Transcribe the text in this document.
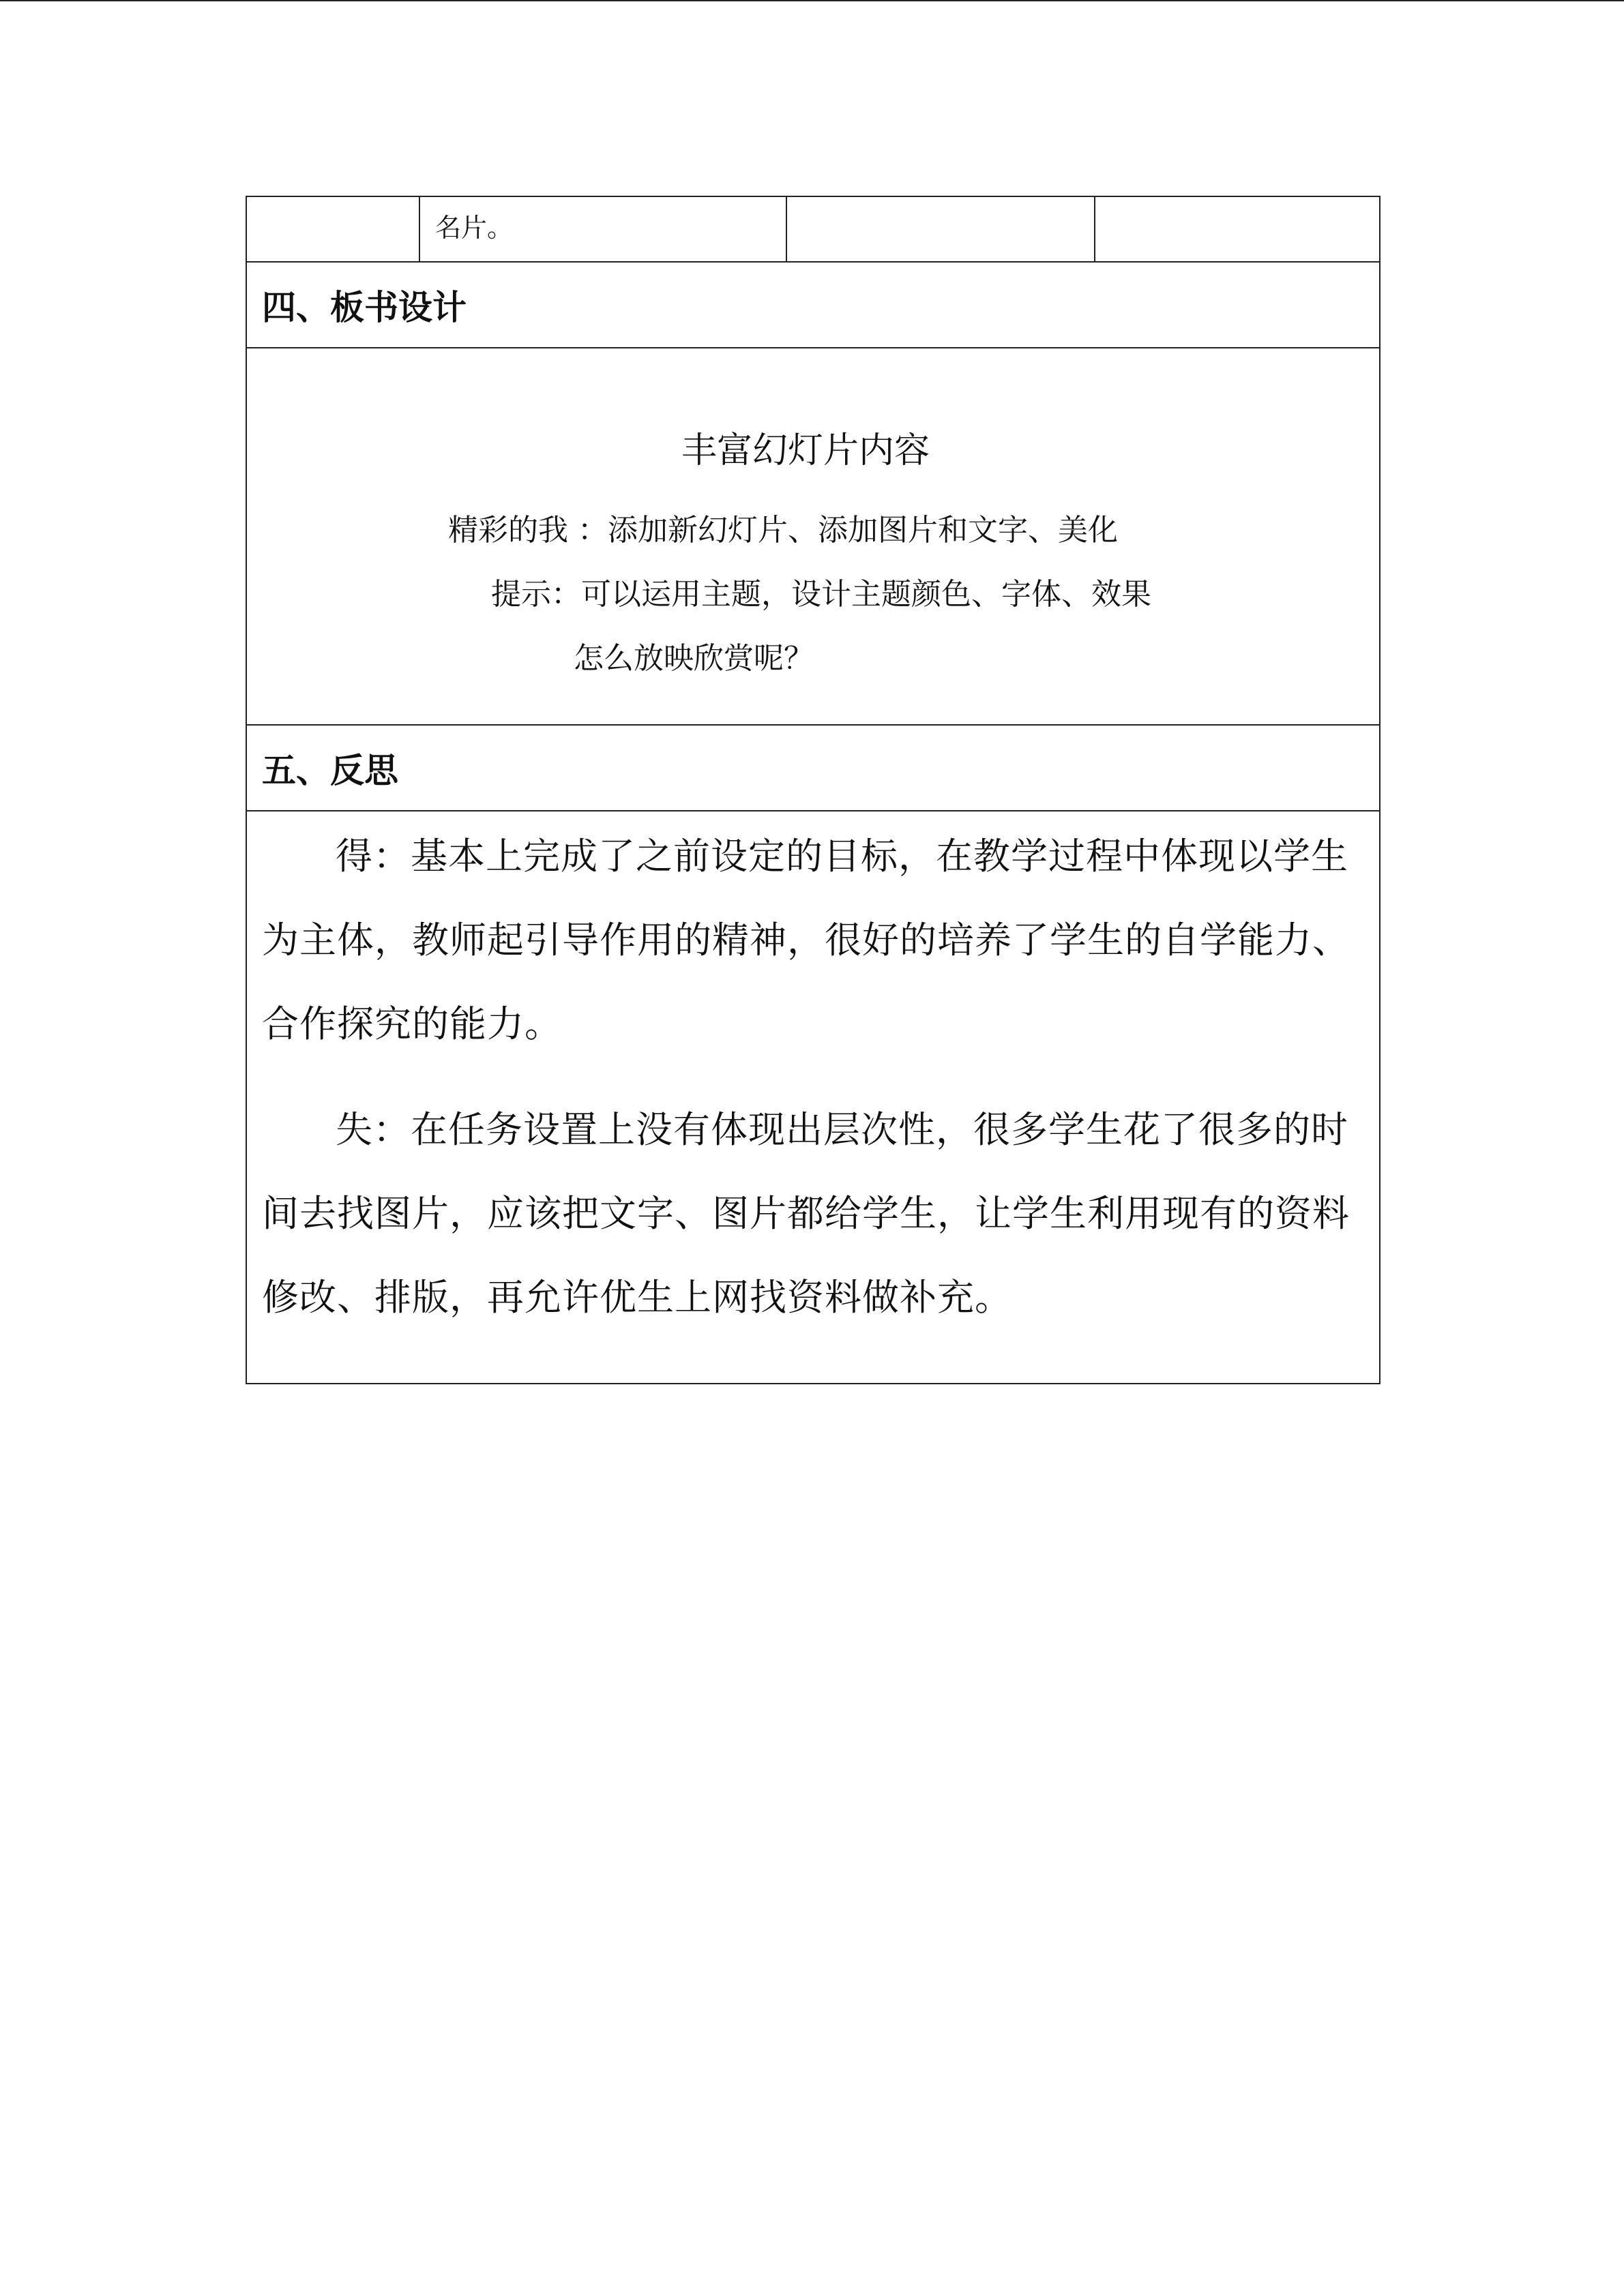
名片。

四、板书设计

丰富幻灯片内容
精彩的我 ：添加新幻灯片、添加图片和文字、美化
提示：可以运用主题，设计主题颜色、字体、效果
怎么放映欣赏呢？

五、反思

得：基本上完成了之前设定的目标，在教学过程中体现以学生为主体，教师起引导作用的精神，很好的培养了学生的自学能力、合作探究的能力。

失：在任务设置上没有体现出层次性，很多学生花了很多的时间去找图片，应该把文字、图片都给学生，让学生利用现有的资料修改、排版，再允许优生上网找资料做补充。
